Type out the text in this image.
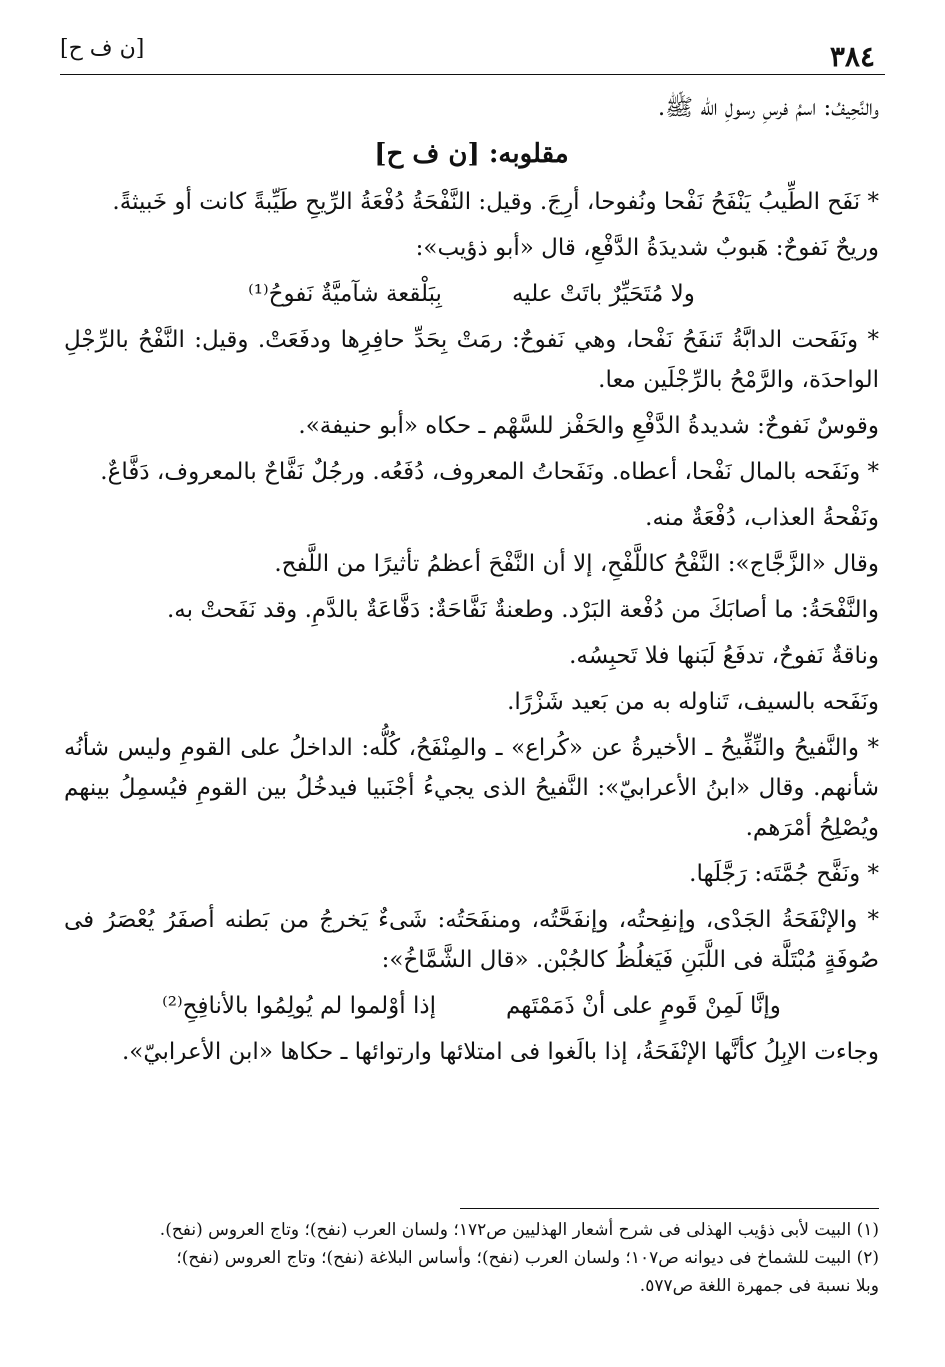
٣٨٤
[ن ف ح]

والنَّحِيفُ: اسمُ فرسِ رسولِ الله ﷺ.

مقلوبه: [ن ف ح]

* نَفَح الطِّيبُ يَنْفَحُ نَفْحا ونُفوحا، أرِجَ. وقيل: النَّفْحَةُ دُفْعَةُ الرِّيحِ طَيِّبةً كانت أو خَبيثةً.

وريحٌ نَفوحٌ: هَبوبٌ شديدَةُ الدَّفْعِ، قال «أبو ذؤيب»:

ولا مُتَحَيِّرٌ باتَتْ عليه
بِبَلْقعة شآميَّةٌ نَفوحُ⁽¹⁾

* ونَفَحت الدابَّةُ تَنفَحُ نَفْحا، وهي نَفوحٌ: رمَتْ بِحَدِّ حافِرِها ودفَعَتْ. وقيل: النَّفْحُ بالرِّجْلِ الواحدَة، والرَّمْحُ بالرِّجْلَين معا.

وقوسٌ نَفوحٌ: شديدةُ الدَّفْعِ والحَفْز للسَّهْم ـ حكاه «أبو حنيفة».

* ونَفَحه بالمال نَفْحا، أعطاه. ونَفَحاتُ المعروف، دُفَعُه. ورجُلٌ نَفَّاحٌ بالمعروف، دَفَّاعٌ.

ونَفْحةُ العذاب، دُفْعَةٌ منه.

وقال «الزَّجَّاج»: النَّفْحُ كاللَّفْحِ، إلا أن النَّفْحَ أعظمُ تأثيرًا من اللَّفح.

والنَّفْحَةُ: ما أصابَكَ من دُفْعة البَرْد. وطعنةٌ نَفَّاحَةٌ: دَفَّاعَةٌ بالدَّمِ. وقد نَفَحتْ به.

وناقةٌ نَفوحٌ، تدفَعُ لَبَنها فلا تَحبِسُه.

ونَفَحه بالسيف، تَناوله به من بَعيد شَزْرًا.

* والنَّفيحُ والنِّفِّيحُ ـ الأخيرةُ عن «كُراع» ـ والمِنْفَحُ، كُلُّه: الداخلُ على القومِ وليس شأنُه شأنهم. وقال «ابنُ الأعرابيّ»: النَّفيحُ الذى يجيءُ أجْنَبيا فيدخُلُ بين القومِ فيُسمِلُ بينهم ويُصْلِحُ أمْرَهم.

* ونَفَّح جُمَّتَه: رَجَّلَها.

* والإنْفَحَةُ الجَدْى، وإنفِحتُه، وإنفَحَّتُه، ومنفَحَتُه: شَىءٌ يَخرجُ من بَطنه أصفَرُ يُعْصَرُ فى صُوفَةٍ مُبْتَلَّة فى اللَّبَنِ فَيَغلُظُ كالجُبْن. «قال الشَّمَّاخُ»:

وإنَّا لَمِنْ قَومٍ على أنْ ذَمَمْتَهم
إذا أوْلموا لم يُولِمُوا بالأنافِحِ⁽²⁾

وجاءت الإبِلُ كأنَّها الإنْفَحَةُ، إذا بالَغوا فى امتلائها وارتوائها ـ حكاها «ابن الأعرابيّ».

(١) البيت لأبى ذؤيب الهذلى فى شرح أشعار الهذليين ص١٧٢؛ ولسان العرب (نفح)؛ وتاج العروس (نفح).

(٢) البيت للشماخ فى ديوانه ص١٠٧؛ ولسان العرب (نفح)؛ وأساس البلاغة (نفح)؛ وتاج العروس (نفح)؛

وبلا نسبة فى جمهرة اللغة ص٥٧٧.
